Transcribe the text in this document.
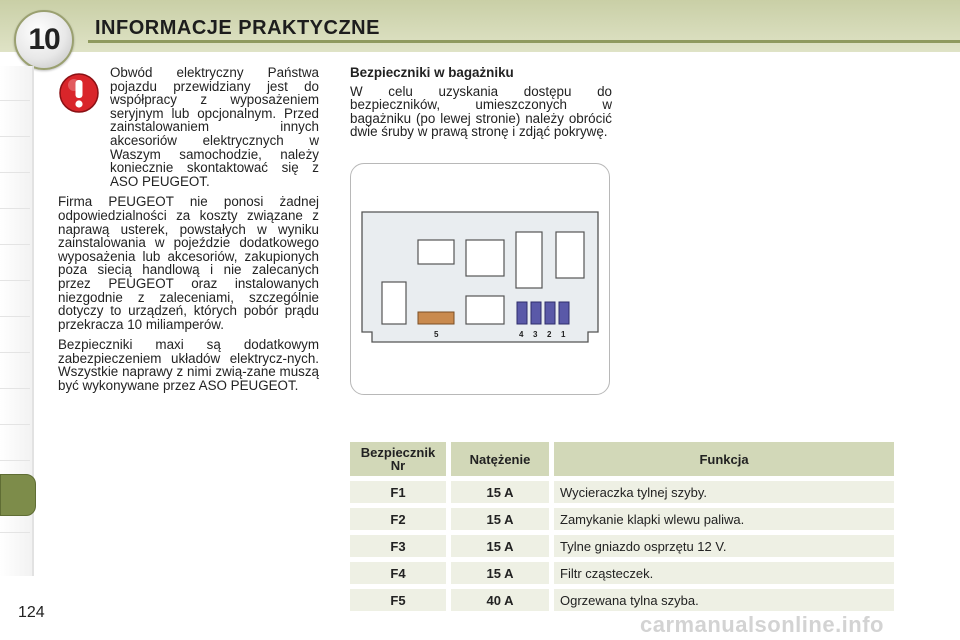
10	INFORMACJE PRAKTYCZNE

Obwód elektryczny Państwa pojazdu przewidziany jest do współpracy z wyposażeniem seryjnym lub opcjonalnym. Przed zainstalowaniem innych akcesoriów elektrycznych w Waszym samochodzie, należy koniecznie skontaktować się z ASO PEUGEOT.

Firma PEUGEOT nie ponosi żadnej odpowiedzialności za koszty związane z naprawą usterek, powstałych w wyniku zainstalowania w pojeździe dodatkowego wyposażenia lub akcesoriów, zakupionych poza siecią handlową i nie zalecanych przez PEUGEOT oraz instalowanych niezgodnie z zaleceniami, szczególnie dotyczy to urządzeń, których pobór prądu przekracza 10 miliamperów.

Bezpieczniki maxi są dodatkowym zabezpieczeniem układów elektrycz-nych. Wszystkie naprawy z nimi zwią-zane muszą być wykonywane przez ASO PEUGEOT.

Bezpieczniki w bagażniku

W celu uzyskania dostępu do bezpieczników, umieszczonych w bagażniku (po lewej stronie) należy obrócić dwie śruby w prawą stronę i zdjąć pokrywę.

5	4 3 2 1
Bezpiecznik Nr	Natężenie	Funkcja
F1	15 A	Wycieraczka tylnej szyby.
F2	15 A	Zamykanie klapki wlewu paliwa.
F3	15 A	Tylne gniazdo osprzętu 12 V.
F4	15 A	Filtr cząsteczek.
F5	40 A	Ogrzewana tylna szyba.
124	carmanualsonline.info
